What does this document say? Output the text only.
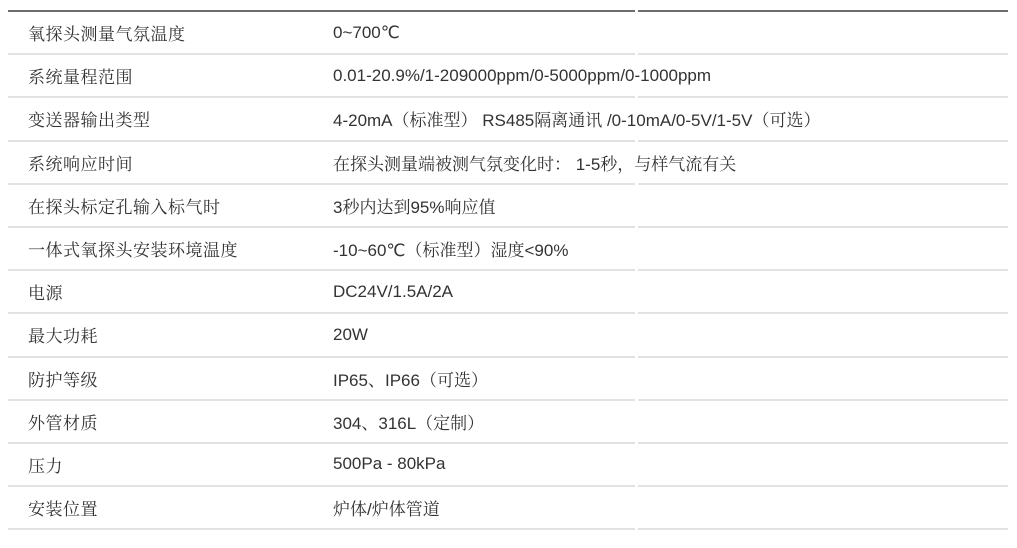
氧探头测量气氛温度	0~700℃
系统量程范围	0.01-20.9%/1-209000ppm/0-5000ppm/0-1000ppm
变送器输出类型	4-20mA（标准型） RS485隔离通讯 /0-10mA/0-5V/1-5V（可选）
系统响应时间	在探头测量端被测气氛变化时： 1-5秒，与样气流有关
在探头标定孔输入标气时	3秒内达到95%响应值
一体式氧探头安装环境温度	-10~60℃（标准型）湿度<90%
电源	DC24V/1.5A/2A
最大功耗	20W
防护等级	IP65、IP66（可选）
外管材质	304、316L（定制）
压力	500Pa - 80kPa
安装位置	炉体/炉体管道
